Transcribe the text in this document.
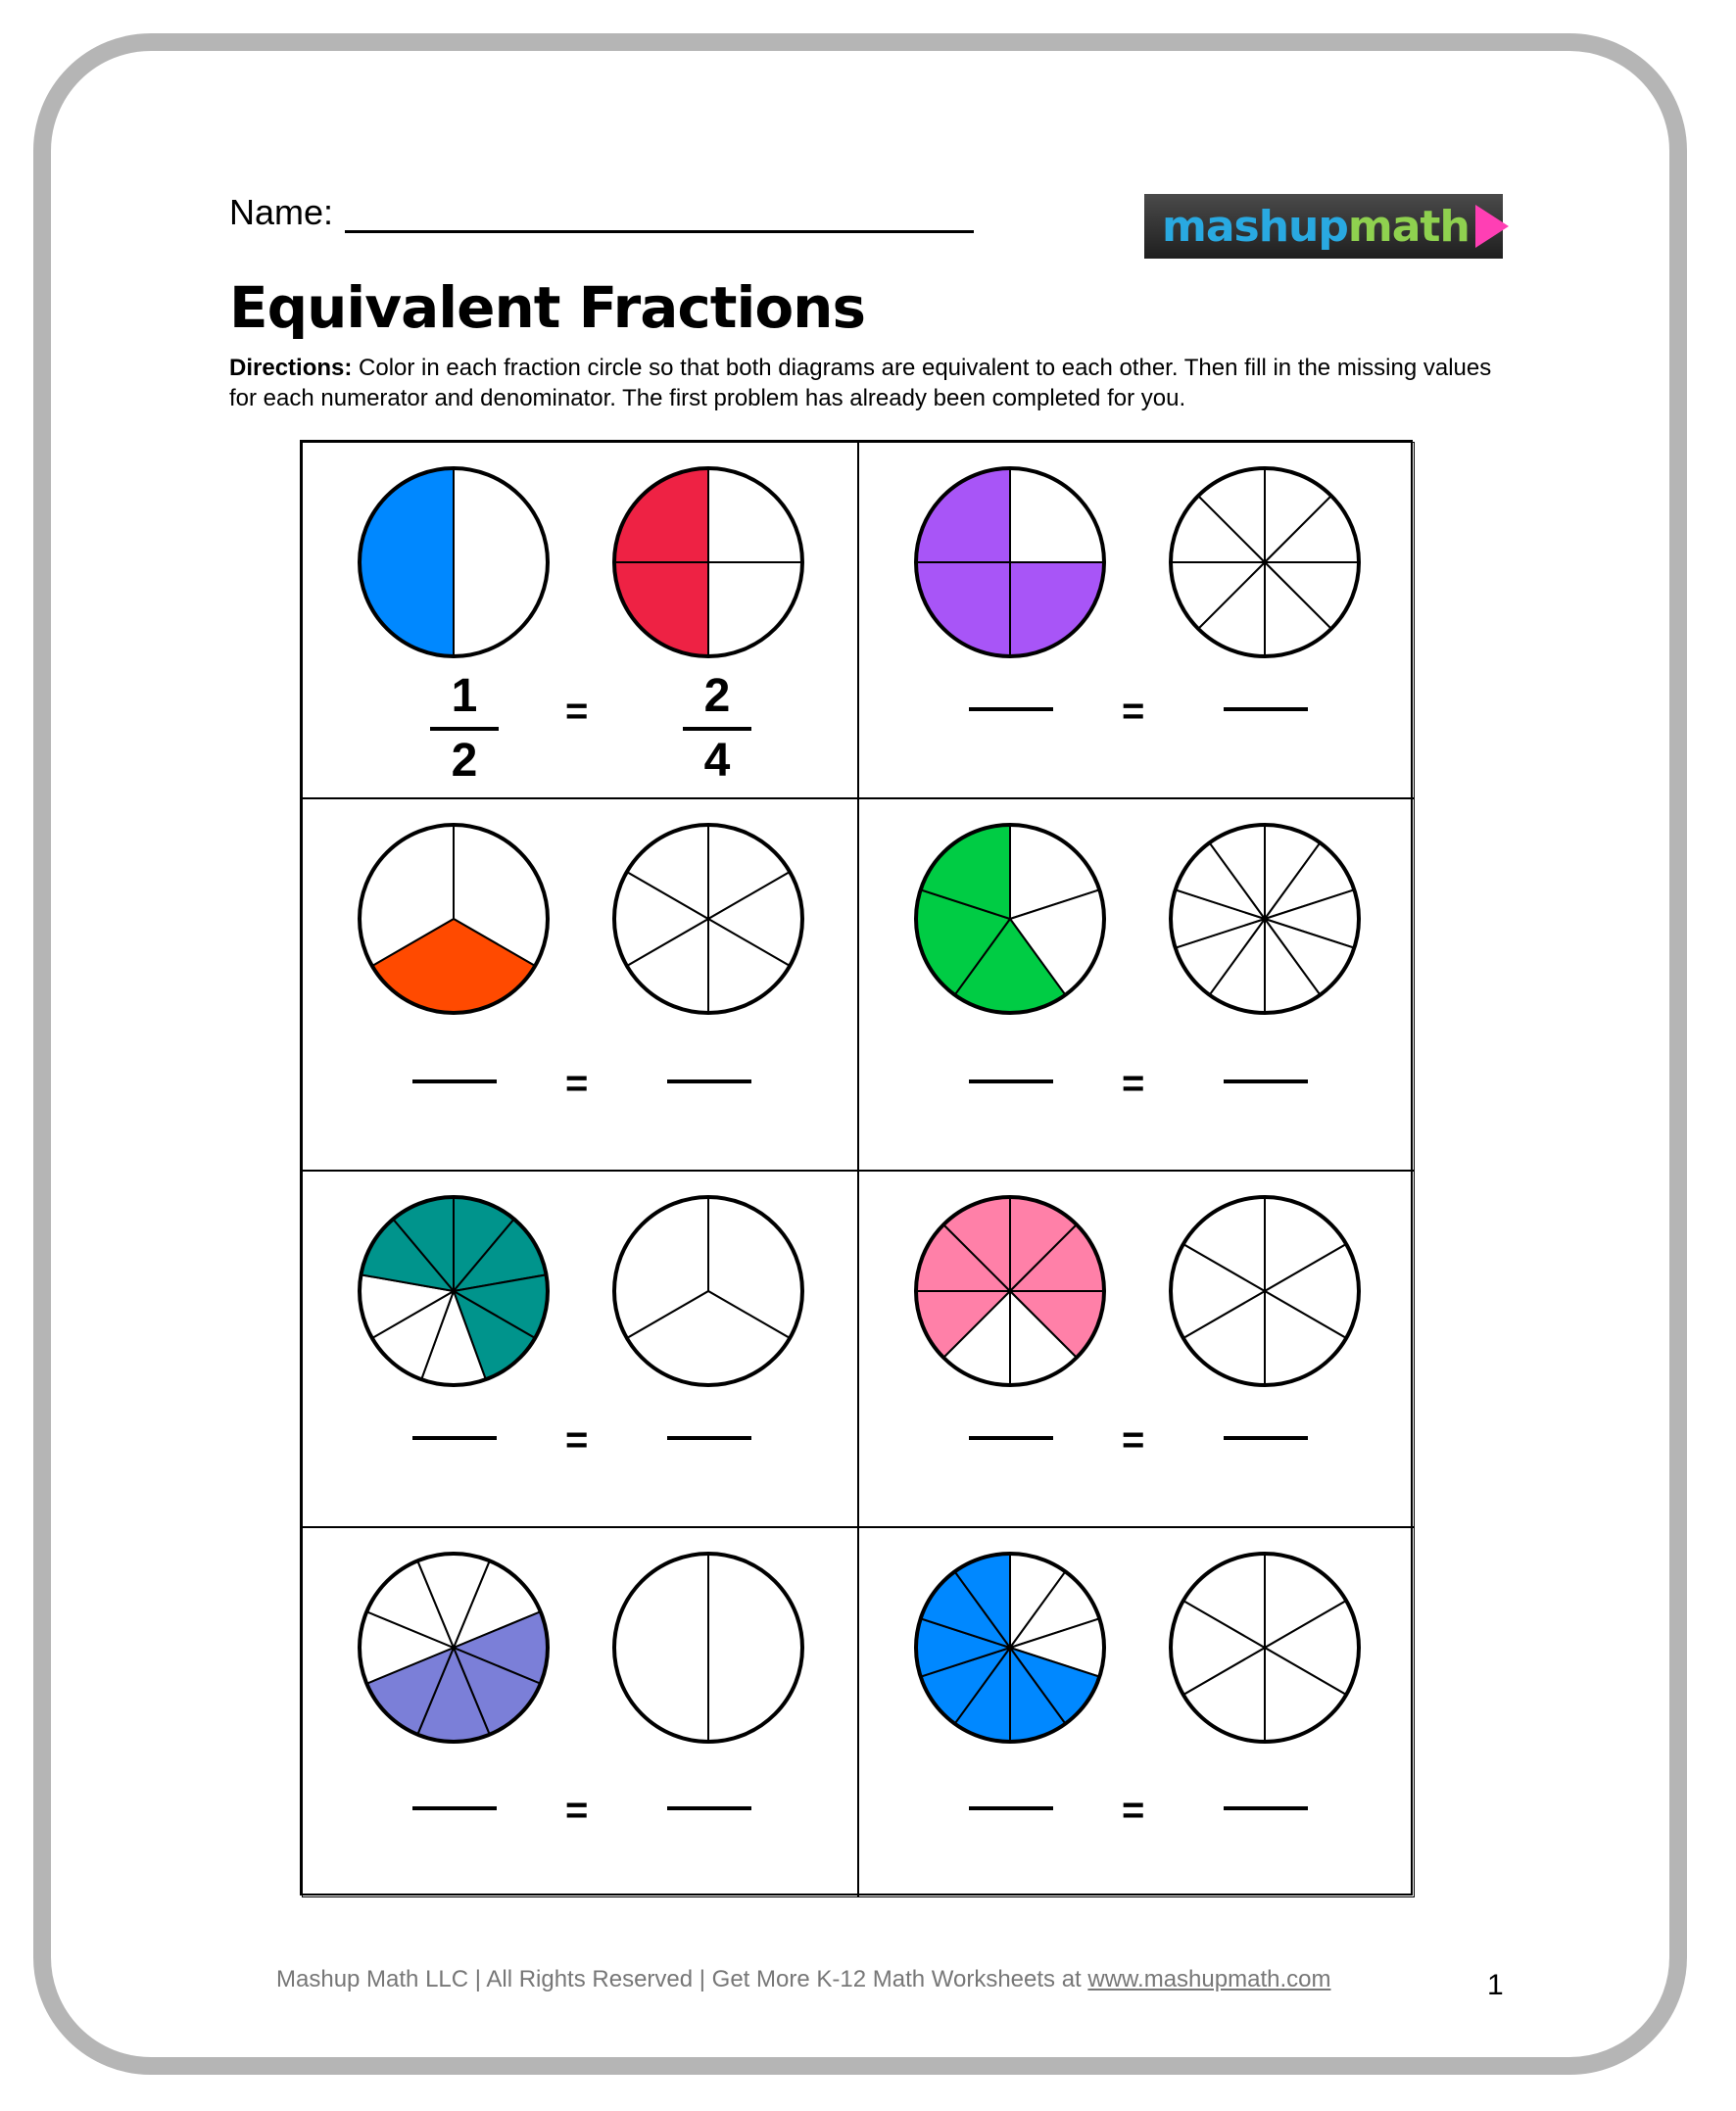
Name:	mashupmath
Equivalent Fractions
Directions: Color in each fraction circle so that both diagrams are equivalent to each other. Then fill in the missing values for each numerator and denominator. The first problem has already been completed for you.
=
1
2
2
4
=
=	=
=	=
=	=
Mashup Math LLC | All Rights Reserved | Get More K-12 Math Worksheets at www.mashupmath.com	1
